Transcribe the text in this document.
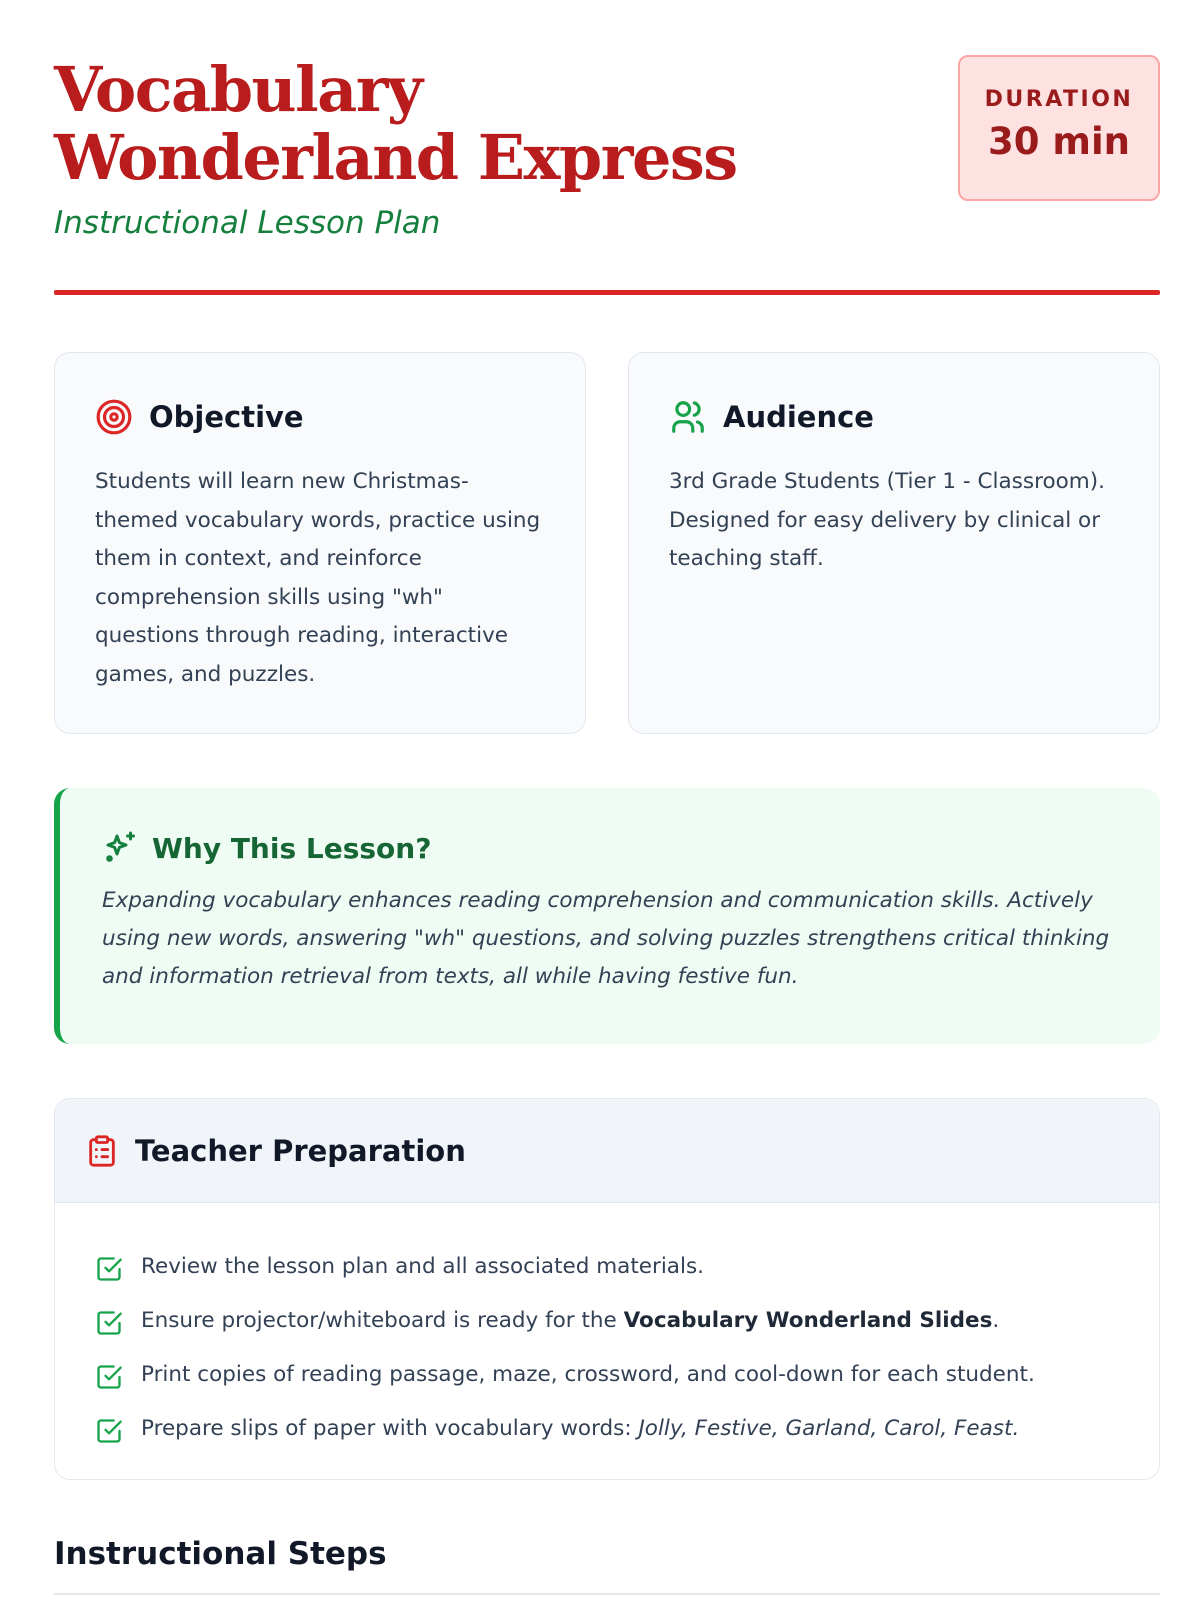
Vocabulary Wonderland Express
Instructional Lesson Plan
DURATION
30 min
Objective

Students will learn new Christmas-themed vocabulary words, practice using them in context, and reinforce comprehension skills using "wh" questions through reading, interactive games, and puzzles.

Audience

3rd Grade Students (Tier 1 - Classroom). Designed for easy delivery by clinical or teaching staff.

Why This Lesson?

Expanding vocabulary enhances reading comprehension and communication skills. Actively using new words, answering "wh" questions, and solving puzzles strengthens critical thinking and information retrieval from texts, all while having festive fun.

Teacher Preparation
Review the lesson plan and all associated materials.
Ensure projector/whiteboard is ready for the Vocabulary Wonderland Slides.
Print copies of reading passage, maze, crossword, and cool-down for each student.
Prepare slips of paper with vocabulary words: Jolly, Festive, Garland, Carol, Feast.
Instructional Steps
